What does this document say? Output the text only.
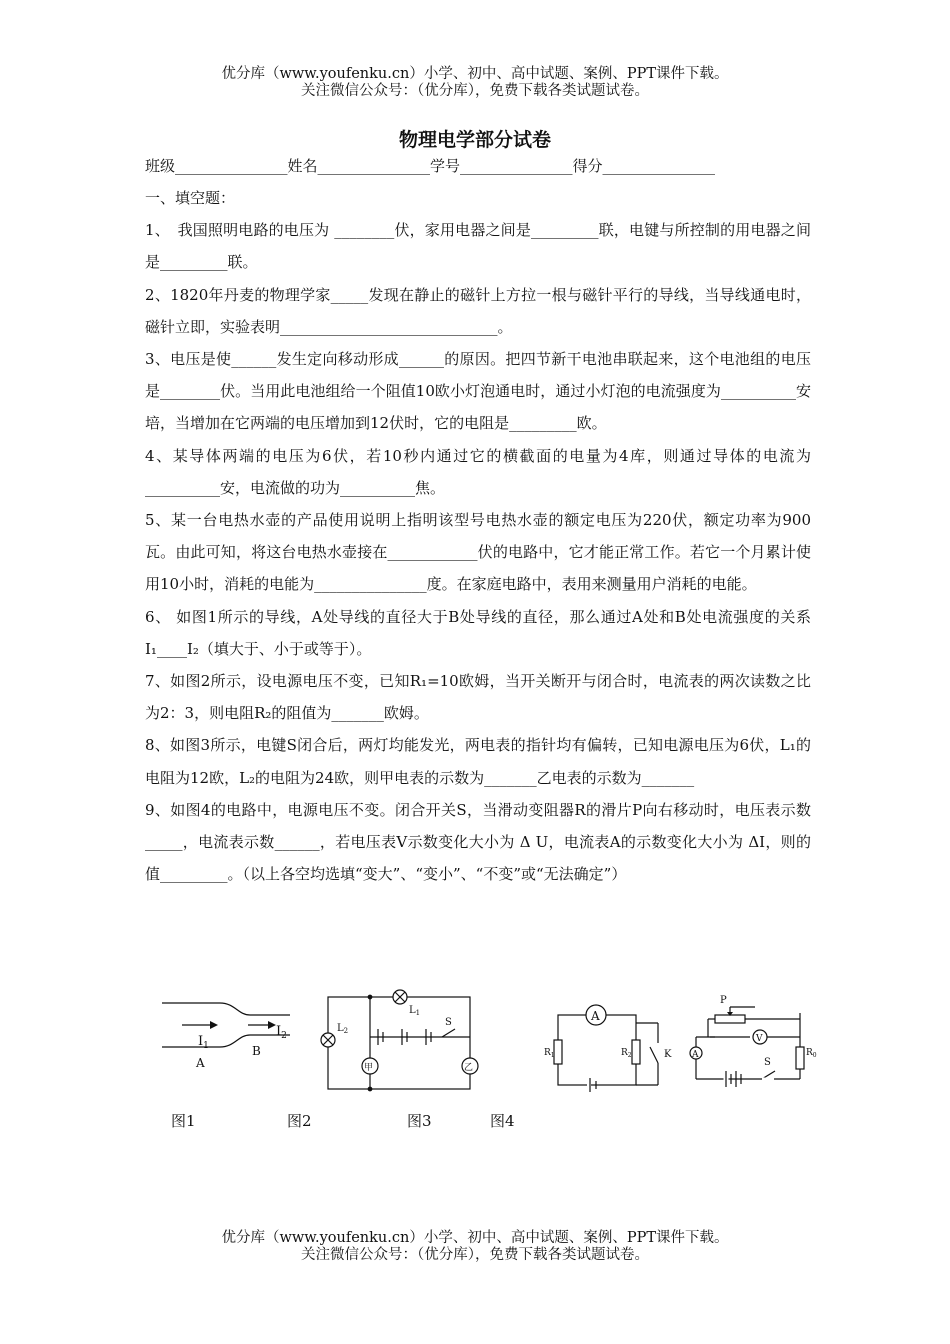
优分库（www.youfenku.cn）小学、初中、高中试题、案例、PPT课件下载。
关注微信公众号：（优分库），免费下载各类试题试卷。
物理电学部分试卷
班级_______________姓名_______________学号_______________得分_______________

一、填空题：

1、　我国照明电路的电压为 ________伏，家用电器之间是_________联，电键与所控制的用电器之间是_________联。

2、1820年丹麦的物理学家_____发现在静止的磁针上方拉一根与磁针平行的导线，当导线通电时，磁针立即，实验表明_____________________________。

3、电压是使______发生定向移动形成______的原因。把四节新干电池串联起来，这个电池组的电压是________伏。当用此电池组给一个阻值10欧小灯泡通电时，通过小灯泡的电流强度为__________安培，当增加在它两端的电压增加到12伏时，它的电阻是_________欧。

4、某导体两端的电压为6伏，若10秒内通过它的横截面的电量为4库，则通过导体的电流为__________安，电流做的功为__________焦。

5、某一台电热水壶的产品使用说明上指明该型号电热水壶的额定电压为220伏，额定功率为900瓦。由此可知，将这台电热水壶接在____________伏的电路中，它才能正常工作。若它一个月累计使用10小时，消耗的电能为_______________度。在家庭电路中，表用来测量用户消耗的电能。

6、 如图1所示的导线，A处导线的直径大于B处导线的直径，那么通过A处和B处电流强度的关系I₁____I₂（填大于、小于或等于）。

7、如图2所示，设电源电压不变，已知R₁=10欧姆，当开关断开与闭合时，电流表的两次读数之比为2：3，则电阻R₂的阻值为_______欧姆。

8、如图3所示，电键S闭合后，两灯均能发光，两电表的指针均有偏转，已知电源电压为6伏，L₁的电阻为12欧，L₂的电阻为24欧，则甲电表的示数为_______乙电表的示数为_______

9、如图4的电路中，电源电压不变。闭合开关S，当滑动变阻器R的滑片P向右移动时，电压表示数_____，电流表示数______，若电压表V示数变化大小为 Δ U，电流表A的示数变化大小为 ΔI，则的值_________。（以上各空均选填“变大”、“变小”、“不变”或“无法确定”）

$I_1$
$I_2$
A
B
$L_1$
$L_2$
S
甲	乙
A
$R_1$	$R_2$	K
P
V
A
S
$R_0$
图1	图2	图3	图4
优分库（www.youfenku.cn）小学、初中、高中试题、案例、PPT课件下载。
关注微信公众号：（优分库），免费下载各类试题试卷。
